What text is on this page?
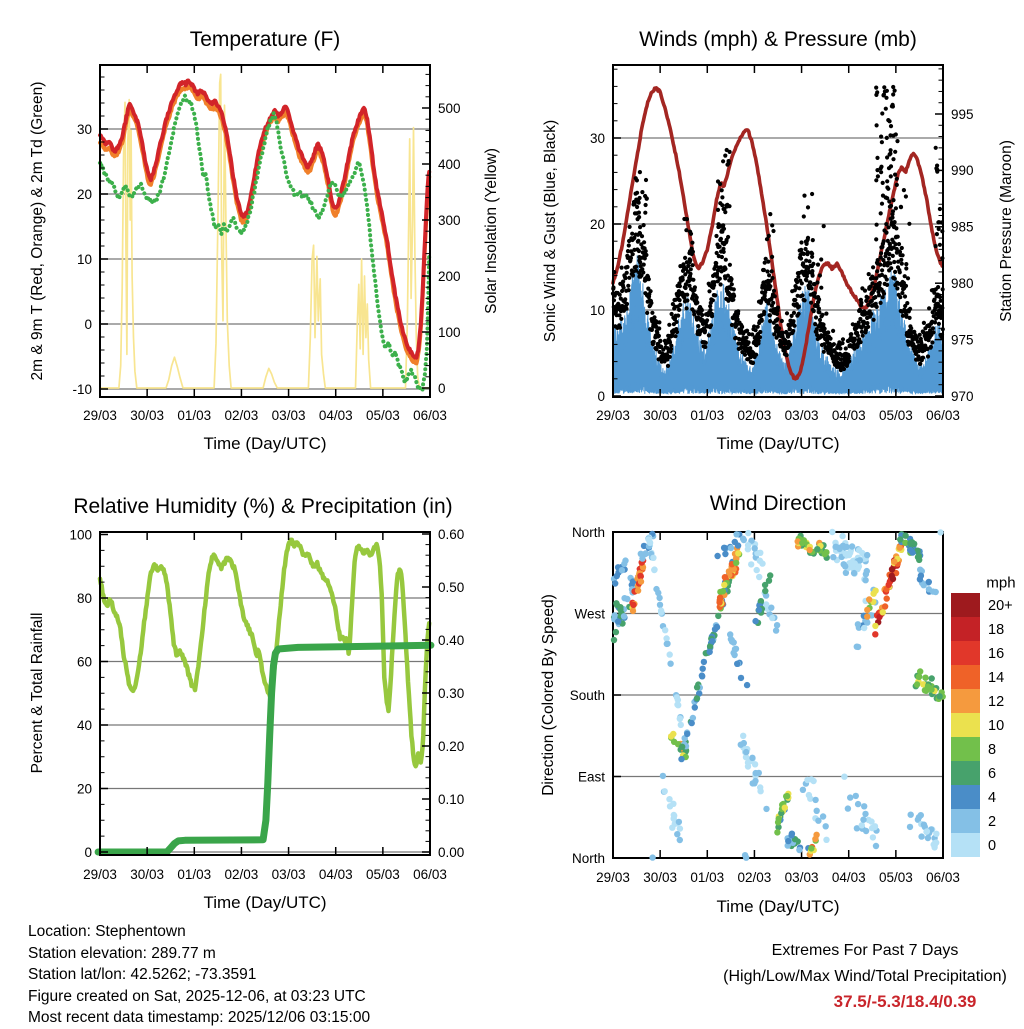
29/03 30/03 01/03 02/03 03/03 04/03 05/03 06/03
-10
0
10
20
30
0
100
200
300
400
500
29/03 30/03 01/03 02/03 03/03 04/03 05/03 06/03
0
10
20
30
970
975
980
985
990
995
29/03 30/03 01/03 02/03 03/03 04/03 05/03 06/03
0
20
40
60
80
100
0.00
0.10
0.20
0.30
0.40
0.50
0.60
29/03 30/03 01/03 02/03 03/03 04/03 05/03 06/03
North
West
South
East
North
20+
18
16
14
12
10
8
6
4
2
0
Temperature (F)	Winds (mph) & Pressure (mb)
Relative Humidity (%) & Precipitation (in)	Wind Direction
Time (Day/UTC)	Time (Day/UTC)
Time (Day/UTC)	Time (Day/UTC)
2m & 9m T (Red, Orange) & 2m Td (Green)	Solar Insolation (Yellow)	Sonic Wind & Gust (Blue, Black)	Station Pressure (Maroon)
Percent & Total Rainfall	Direction (Colored By Speed)
mph
Location: Stephentown
Station elevation: 289.77 m
Station lat/lon: 42.5262; -73.3591
Figure created on Sat, 2025-12-06, at 03:23 UTC
Most recent data timestamp: 2025/12/06 03:15:00
Extremes For Past 7 Days
(High/Low/Max Wind/Total Precipitation)
37.5/-5.3/18.4/0.39
